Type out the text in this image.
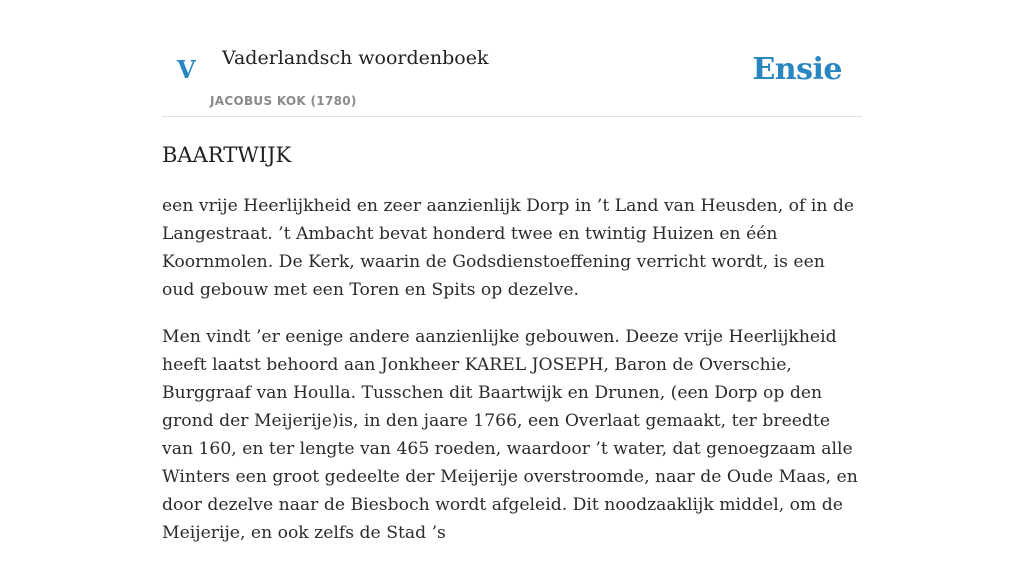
V Vaderlandsch woordenboek
JACOBUS KOK (1780)
Ensie
BAARTWIJK

een vrije Heerlijkheid en zeer aanzienlijk Dorp in ’t Land van Heusden, of in de Langestraat. ’t Ambacht bevat honderd twee en twintig Huizen en één Koornmolen. De Kerk, waarin de Godsdienstoeffening verricht wordt, is een oud gebouw met een Toren en Spits op dezelve.

Men vindt ’er eenige andere aanzienlijke gebouwen. Deeze vrije Heerlijkheid heeft laatst behoord aan Jonkheer KAREL JOSEPH, Baron de Overschie, Burggraaf van Houlla. Tusschen dit Baartwijk en Drunen, (een Dorp op den grond der Meijerije)is, in den jaare 1766, een Overlaat gemaakt, ter breedte van 160, en ter lengte van 465 roeden, waardoor ’t water, dat genoegzaam alle Winters een groot gedeelte der Meijerije overstroomde, naar de Oude Maas, en door dezelve naar de Biesboch wordt afgeleid. Dit noodzaaklijk middel, om de Meijerije, en ook zelfs de Stad ’s
